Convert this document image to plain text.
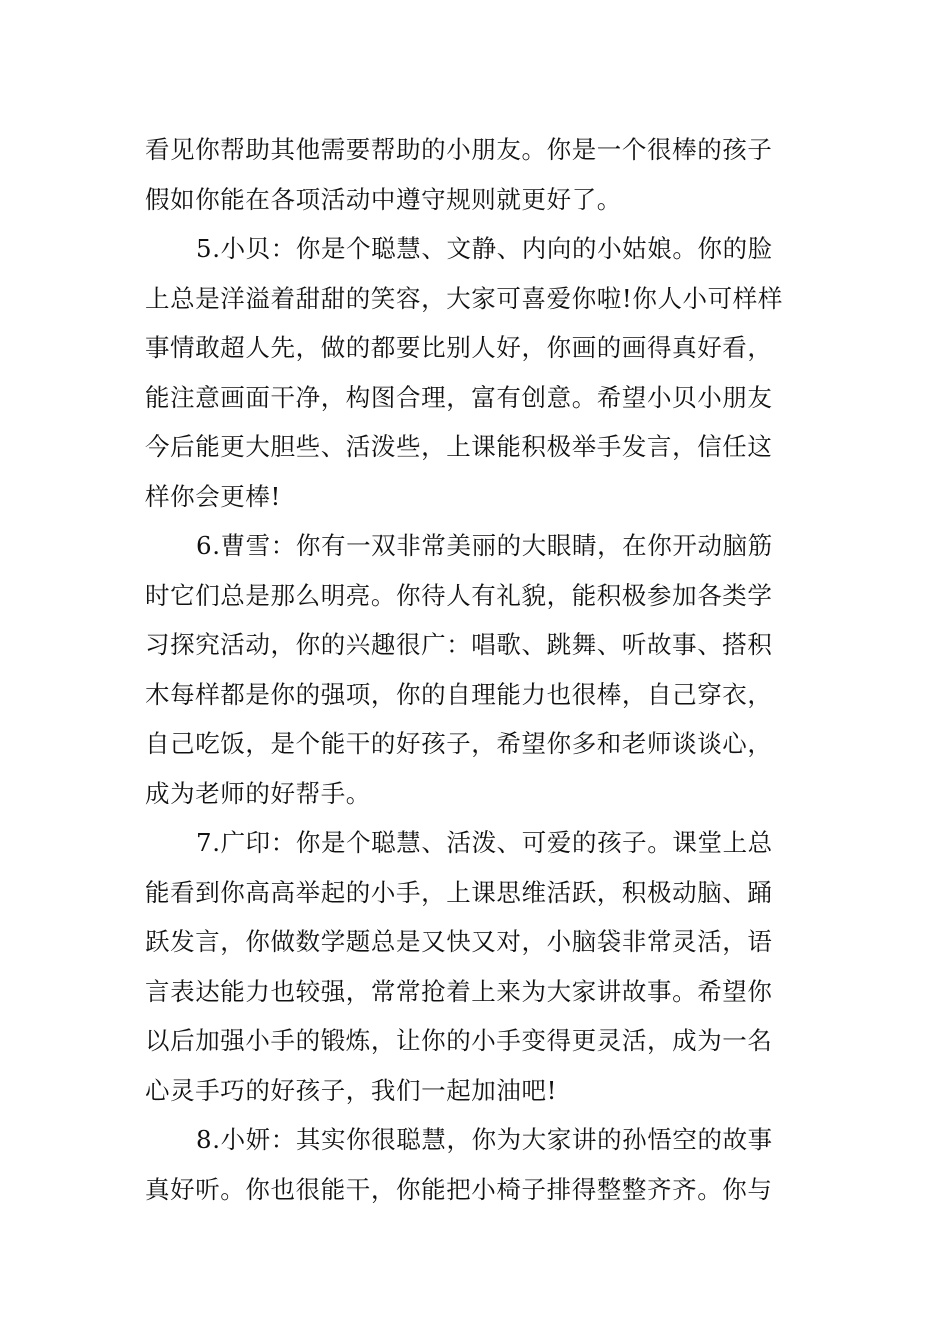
看见你帮助其他需要帮助的小朋友。你是一个很棒的孩子
假如你能在各项活动中遵守规则就更好了。
5.小贝：你是个聪慧、文静、内向的小姑娘。你的脸
上总是洋溢着甜甜的笑容，大家可喜爱你啦!你人小可样样
事情敢超人先，做的都要比别人好，你画的画得真好看，
能注意画面干净，构图合理，富有创意。希望小贝小朋友
今后能更大胆些、活泼些，上课能积极举手发言，信任这
样你会更棒!
6.曹雪：你有一双非常美丽的大眼睛，在你开动脑筋
时它们总是那么明亮。你待人有礼貌，能积极参加各类学
习探究活动，你的兴趣很广：唱歌、跳舞、听故事、搭积
木每样都是你的强项，你的自理能力也很棒，自己穿衣，
自己吃饭，是个能干的好孩子，希望你多和老师谈谈心，
成为老师的好帮手。
7.广印：你是个聪慧、活泼、可爱的孩子。课堂上总
能看到你高高举起的小手，上课思维活跃，积极动脑、踊
跃发言，你做数学题总是又快又对，小脑袋非常灵活，语
言表达能力也较强，常常抢着上来为大家讲故事。希望你
以后加强小手的锻炼，让你的小手变得更灵活，成为一名
心灵手巧的好孩子，我们一起加油吧!
8.小妍：其实你很聪慧，你为大家讲的孙悟空的故事
真好听。你也很能干，你能把小椅子排得整整齐齐。你与
